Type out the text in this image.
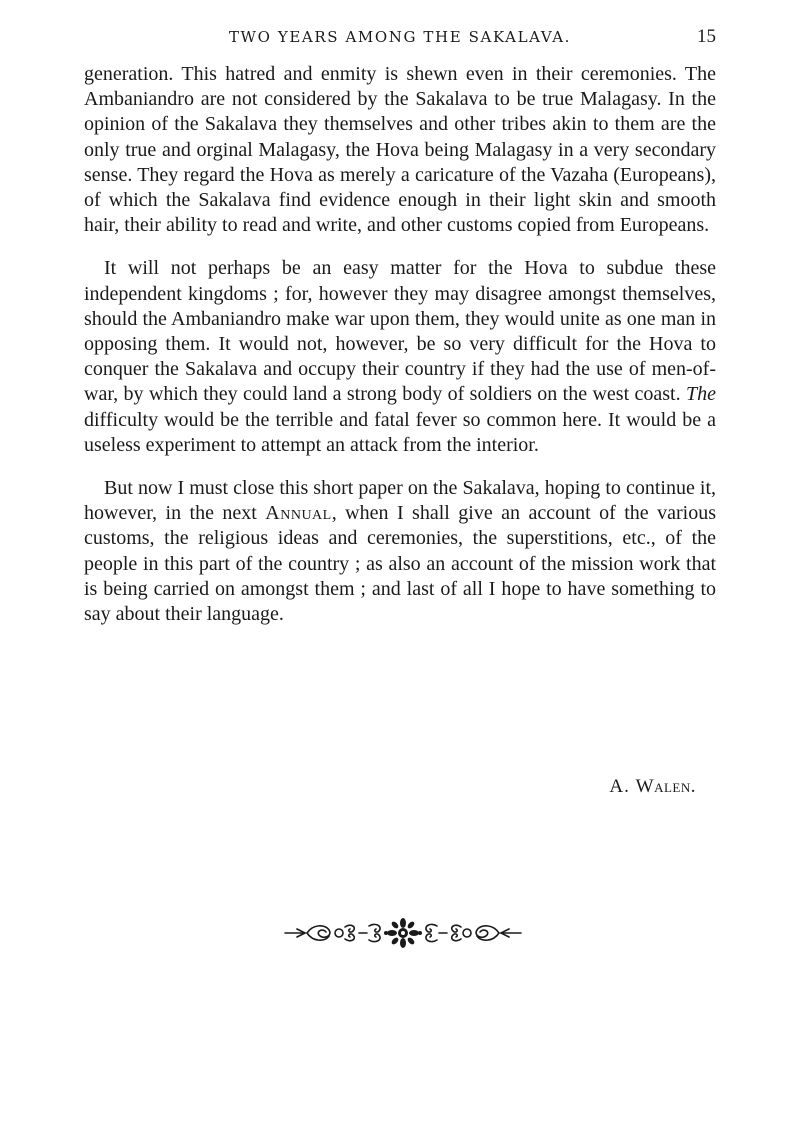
TWO YEARS AMONG THE SAKALAVA.	15

generation. This hatred and enmity is shewn even in their ceremonies. The Ambaniandro are not considered by the Sakalava to be true Malagasy. In the opinion of the Sakalava they themselves and other tribes akin to them are the only true and orginal Malagasy, the Hova being Malagasy in a very secondary sense. They regard the Hova as merely a caricature of the Vazaha (Europeans), of which the Sakalava find evidence enough in their light skin and smooth hair, their ability to read and write, and other customs copied from Europeans.

It will not perhaps be an easy matter for the Hova to subdue these independent kingdoms ; for, however they may disagree amongst themselves, should the Ambaniandro make war upon them, they would unite as one man in opposing them. It would not, however, be so very difficult for the Hova to conquer the Sakalava and occupy their country if they had the use of men-of-war, by which they could land a strong body of soldiers on the west coast. The difficulty would be the terrible and fatal fever so common here. It would be a useless experiment to attempt an attack from the interior.

But now I must close this short paper on the Sakalava, hoping to continue it, however, in the next Annual, when I shall give an account of the various customs, the religious ideas and ceremonies, the superstitions, etc., of the people in this part of the country ; as also an account of the mission work that is being carried on amongst them ; and last of all I hope to have something to say about their language.

A. Walen.
